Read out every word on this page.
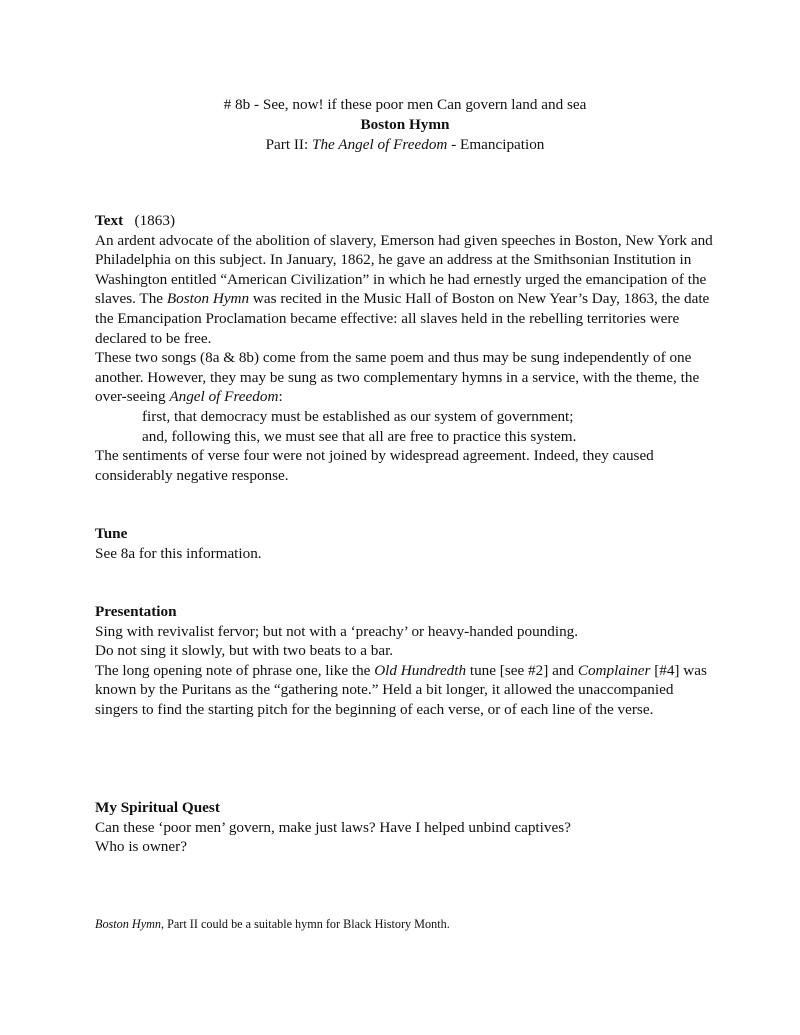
# 8b - See, now! if these poor men Can govern land and sea
Boston Hymn
Part II: The Angel of Freedom - Emancipation
Text (1863)

An ardent advocate of the abolition of slavery, Emerson had given speeches in Boston, New York and Philadelphia on this subject. In January, 1862, he gave an address at the Smithsonian Institution in Washington entitled “American Civilization” in which he had ernestly urged the emancipation of the slaves. The Boston Hymn was recited in the Music Hall of Boston on New Year’s Day, 1863, the date the Emancipation Proclamation became effective: all slaves held in the rebelling territories were declared to be free.

These two songs (8a & 8b) come from the same poem and thus may be sung independently of one another. However, they may be sung as two complementary hymns in a service, with the theme, the over-seeing Angel of Freedom:

first, that democracy must be established as our system of government;
and, following this, we must see that all are free to practice this system.

The sentiments of verse four were not joined by widespread agreement. Indeed, they caused considerably negative response.

Tune
See 8a for this information.
Presentation
Sing with revivalist fervor; but not with a ‘preachy’ or heavy-handed pounding.
Do not sing it slowly, but with two beats to a bar.

The long opening note of phrase one, like the Old Hundredth tune [see #2] and Complainer [#4] was known by the Puritans as the “gathering note.” Held a bit longer, it allowed the unaccompanied singers to find the starting pitch for the beginning of each verse, or of each line of the verse.

My Spiritual Quest
Can these ‘poor men’ govern, make just laws? Have I helped unbind captives?
Who is owner?
Boston Hymn, Part II could be a suitable hymn for Black History Month.
